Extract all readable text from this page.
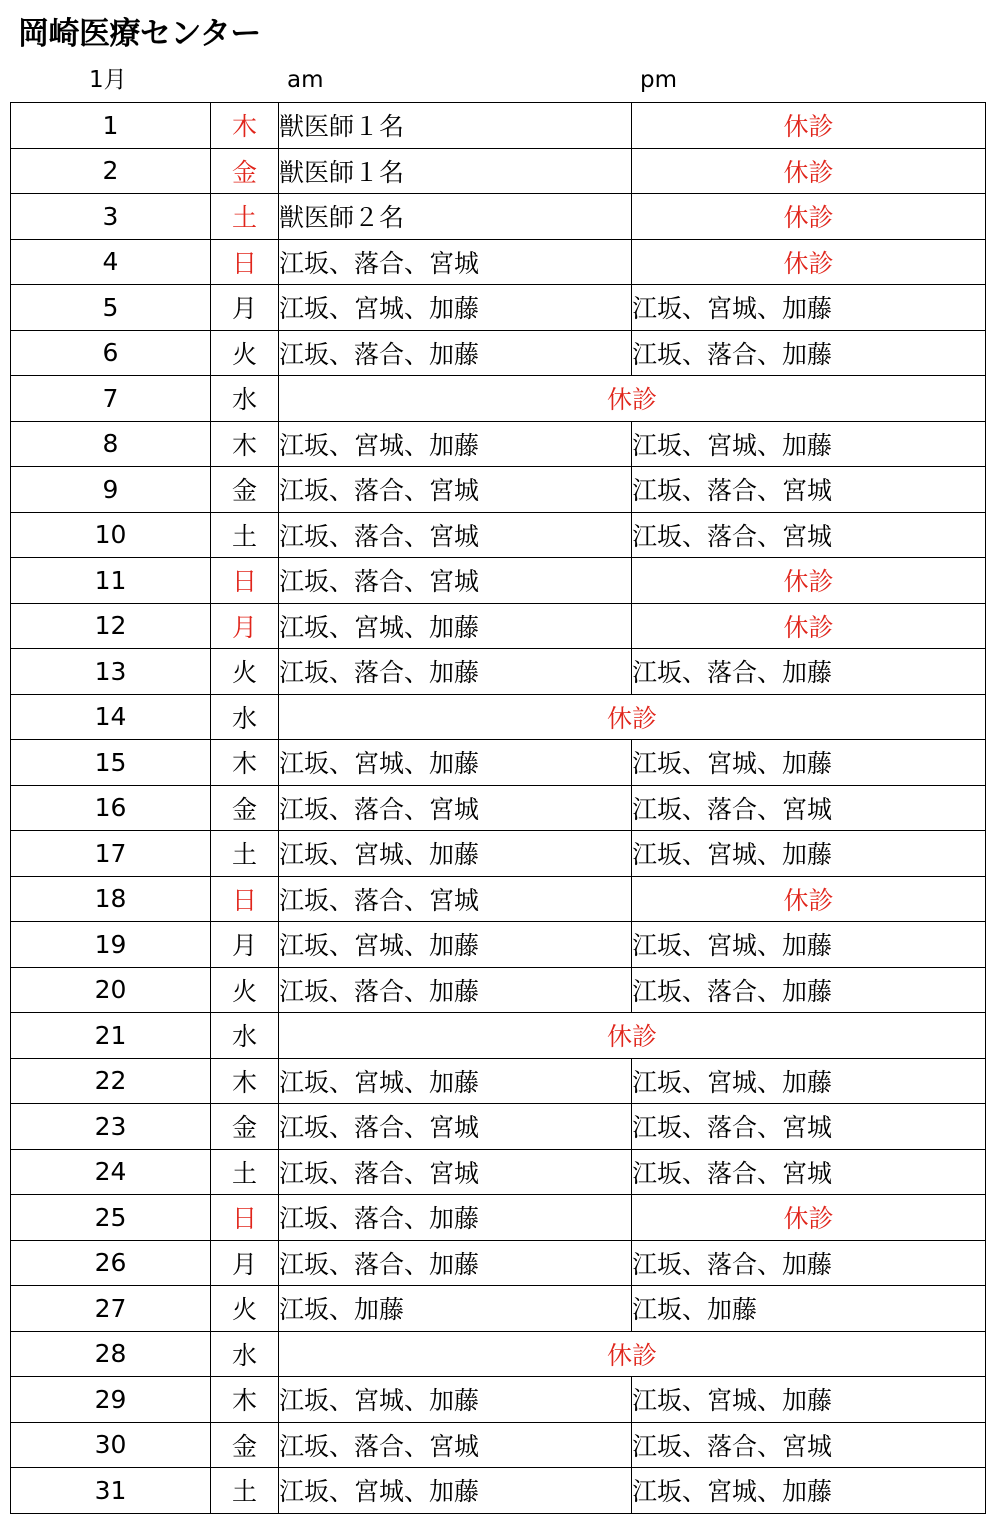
岡崎医療センター
1月	am	pm
1	木	獣医師１名	休診
2	金	獣医師１名	休診
3	土	獣医師２名	休診
4	日	江坂、落合、宮城	休診
5	月	江坂、宮城、加藤	江坂、宮城、加藤
6	火	江坂、落合、加藤	江坂、落合、加藤
7	水	休診	
8	木	江坂、宮城、加藤	江坂、宮城、加藤
9	金	江坂、落合、宮城	江坂、落合、宮城
10	土	江坂、落合、宮城	江坂、落合、宮城
11	日	江坂、落合、宮城	休診
12	月	江坂、宮城、加藤	休診
13	火	江坂、落合、加藤	江坂、落合、加藤
14	水	休診	
15	木	江坂、宮城、加藤	江坂、宮城、加藤
16	金	江坂、落合、宮城	江坂、落合、宮城
17	土	江坂、宮城、加藤	江坂、宮城、加藤
18	日	江坂、落合、宮城	休診
19	月	江坂、宮城、加藤	江坂、宮城、加藤
20	火	江坂、落合、加藤	江坂、落合、加藤
21	水	休診	
22	木	江坂、宮城、加藤	江坂、宮城、加藤
23	金	江坂、落合、宮城	江坂、落合、宮城
24	土	江坂、落合、宮城	江坂、落合、宮城
25	日	江坂、落合、加藤	休診
26	月	江坂、落合、加藤	江坂、落合、加藤
27	火	江坂、加藤	江坂、加藤
28	水	休診	
29	木	江坂、宮城、加藤	江坂、宮城、加藤
30	金	江坂、落合、宮城	江坂、落合、宮城
31	土	江坂、宮城、加藤	江坂、宮城、加藤
